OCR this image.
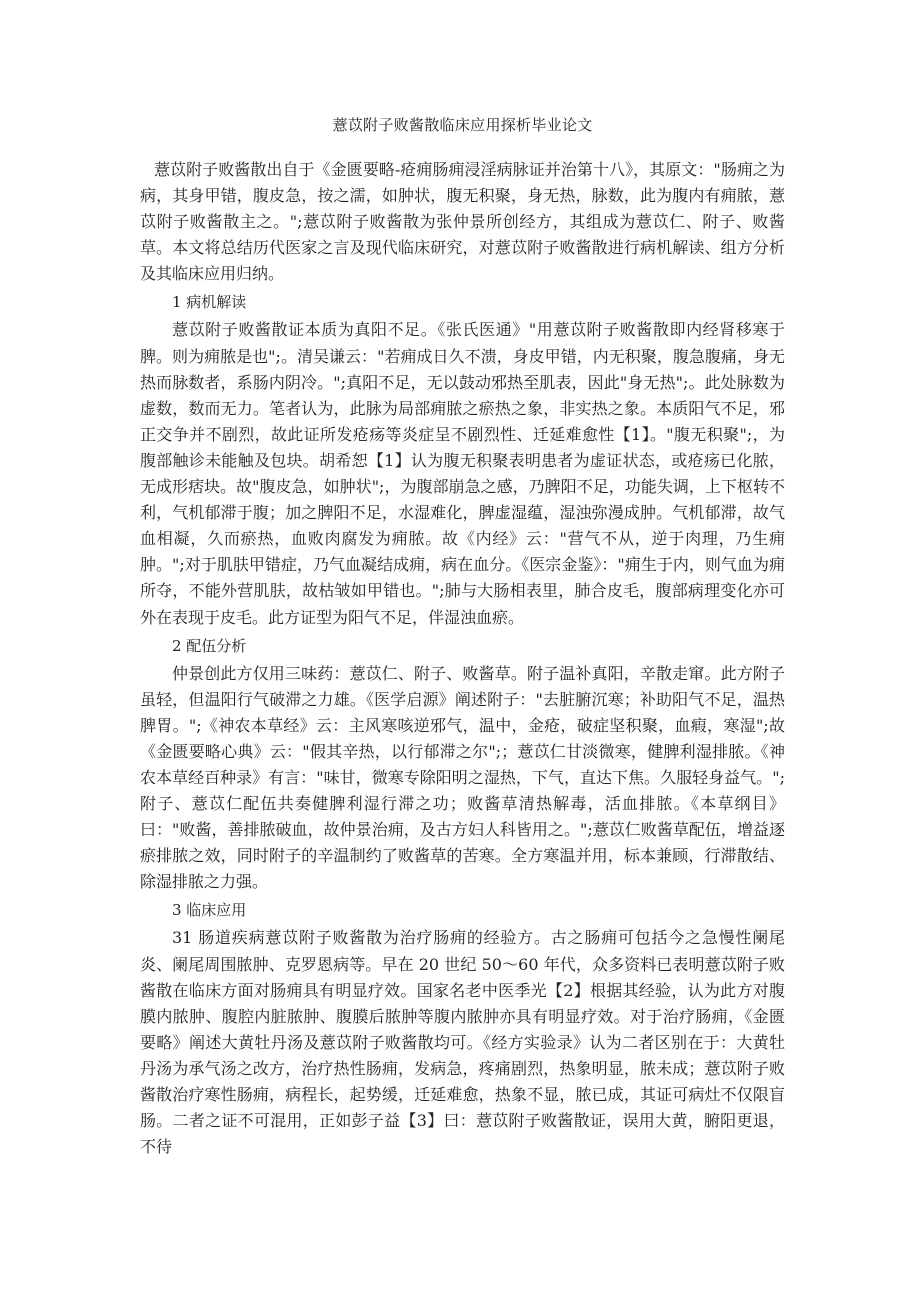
薏苡附子败酱散临床应用探析毕业论文

薏苡附子败酱散出自于《金匮要略-疮痈肠痈浸淫病脉证并治第十八》，其原文："肠痈之为病，其身甲错，腹皮急，按之濡，如肿状，腹无积聚，身无热，脉数，此为腹内有痈脓，薏苡附子败酱散主之。";薏苡附子败酱散为张仲景所创经方，其组成为薏苡仁、附子、败酱草。本文将总结历代医家之言及现代临床研究，对薏苡附子败酱散进行病机解读、组方分析及其临床应用归纳。

1 病机解读

薏苡附子败酱散证本质为真阳不足。《张氏医通》"用薏苡附子败酱散即内经肾移寒于脾。则为痈脓是也";。清吴谦云："若痈成日久不溃，身皮甲错，内无积聚，腹急腹痛，身无热而脉数者，系肠内阴冷。";真阳不足，无以鼓动邪热至肌表，因此"身无热";。此处脉数为虚数，数而无力。笔者认为，此脉为局部痈脓之瘀热之象，非实热之象。本质阳气不足，邪正交争并不剧烈，故此证所发疮疡等炎症呈不剧烈性、迁延难愈性【1】。"腹无积聚";，为腹部触诊未能触及包块。胡希恕【1】认为腹无积聚表明患者为虚证状态，或疮疡已化脓，无成形痞块。故"腹皮急，如肿状";，为腹部崩急之感，乃脾阳不足，功能失调，上下枢转不利，气机郁滞于腹；加之脾阳不足，水湿难化，脾虚湿蕴，湿浊弥漫成肿。气机郁滞，故气血相凝，久而瘀热，血败肉腐发为痈脓。故《内经》云："营气不从，逆于肉理，乃生痈肿。";对于肌肤甲错症，乃气血凝结成痈，病在血分。《医宗金鉴》："痈生于内，则气血为痈所夺，不能外营肌肤，故枯皱如甲错也。";肺与大肠相表里，肺合皮毛，腹部病理变化亦可外在表现于皮毛。此方证型为阳气不足，伴湿浊血瘀。

2 配伍分析

仲景创此方仅用三味药：薏苡仁、附子、败酱草。附子温补真阳，辛散走窜。此方附子虽轻，但温阳行气破滞之力雄。《医学启源》阐述附子："去脏腑沉寒；补助阳气不足，温热脾胃。";《神农本草经》云：主风寒咳逆邪气，温中，金疮，破症坚积聚，血瘕，寒湿";故《金匮要略心典》云："假其辛热，以行郁滞之尔";；薏苡仁甘淡微寒，健脾利湿排脓。《神农本草经百种录》有言："味甘，微寒专除阳明之湿热，下气，直达下焦。久服轻身益气。";附子、薏苡仁配伍共奏健脾利湿行滞之功；败酱草清热解毒，活血排脓。《本草纲目》曰："败酱，善排脓破血，故仲景治痈，及古方妇人科皆用之。";薏苡仁败酱草配伍，增益逐瘀排脓之效，同时附子的辛温制约了败酱草的苦寒。全方寒温并用，标本兼顾，行滞散结、除湿排脓之力强。

3 临床应用

31 肠道疾病薏苡附子败酱散为治疗肠痈的经验方。古之肠痈可包括今之急慢性阑尾炎、阑尾周围脓肿、克罗恩病等。早在 20 世纪 50～60 年代，众多资料已表明薏苡附子败酱散在临床方面对肠痈具有明显疗效。国家名老中医季光【2】根据其经验，认为此方对腹膜内脓肿、腹腔内脏脓肿、腹膜后脓肿等腹内脓肿亦具有明显疗效。对于治疗肠痈，《金匮要略》阐述大黄牡丹汤及薏苡附子败酱散均可。《经方实验录》认为二者区别在于：大黄牡丹汤为承气汤之改方，治疗热性肠痈，发病急，疼痛剧烈，热象明显，脓未成；薏苡附子败酱散治疗寒性肠痈，病程长，起势缓，迁延难愈，热象不显，脓已成，其证可病灶不仅限盲肠。二者之证不可混用，正如彭子益【3】曰：薏苡附子败酱散证，误用大黄，腑阳更退，不待
